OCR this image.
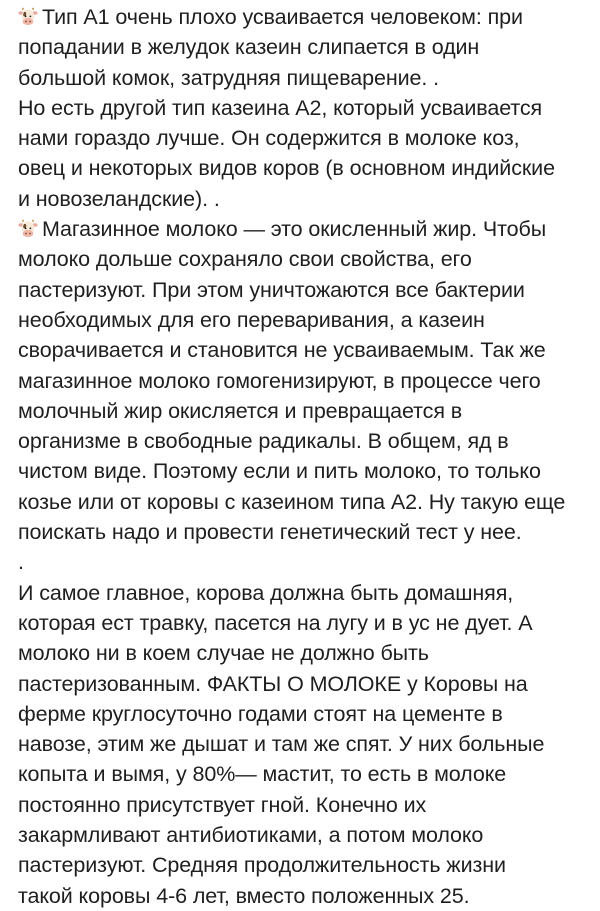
Тип А1 очень плохо усваивается человеком: при
попадании в желудок казеин слипается в один
большой комок, затрудняя пищеварение. .
Но есть другой тип казеина А2, который усваивается
нами гораздо лучше. Он содержится в молоке коз,
овец и некоторых видов коров (в основном индийские
и новозеландские). .
Магазинное молоко — это окисленный жир. Чтобы
молоко дольше сохраняло свои свойства, его
пастеризуют. При этом уничтожаются все бактерии
необходимых для его переваривания, а казеин
сворачивается и становится не усваиваемым. Так же
магазинное молоко гомогенизируют, в процессе чего
молочный жир окисляется и превращается в
организме в свободные радикалы. В общем, яд в
чистом виде. Поэтому если и пить молоко, то только
козье или от коровы с казеином типа А2. Ну такую еще
поискать надо и провести генетический тест у нее.
.
И самое главное, корова должна быть домашняя,
которая ест травку, пасется на лугу и в ус не дует. А
молоко ни в коем случае не должно быть
пастеризованным. ФАКТЫ О МОЛОКЕ у Коровы на
ферме круглосуточно годами стоят на цементе в
навозе, этим же дышат и там же спят. У них больные
копыта и вымя, у 80%— мастит, то есть в молоке
постоянно присутствует гной. Конечно их
закармливают антибиотиками, а потом молоко
пастеризуют. Средняя продолжительность жизни
такой коровы 4-6 лет, вместо положенных 25.
